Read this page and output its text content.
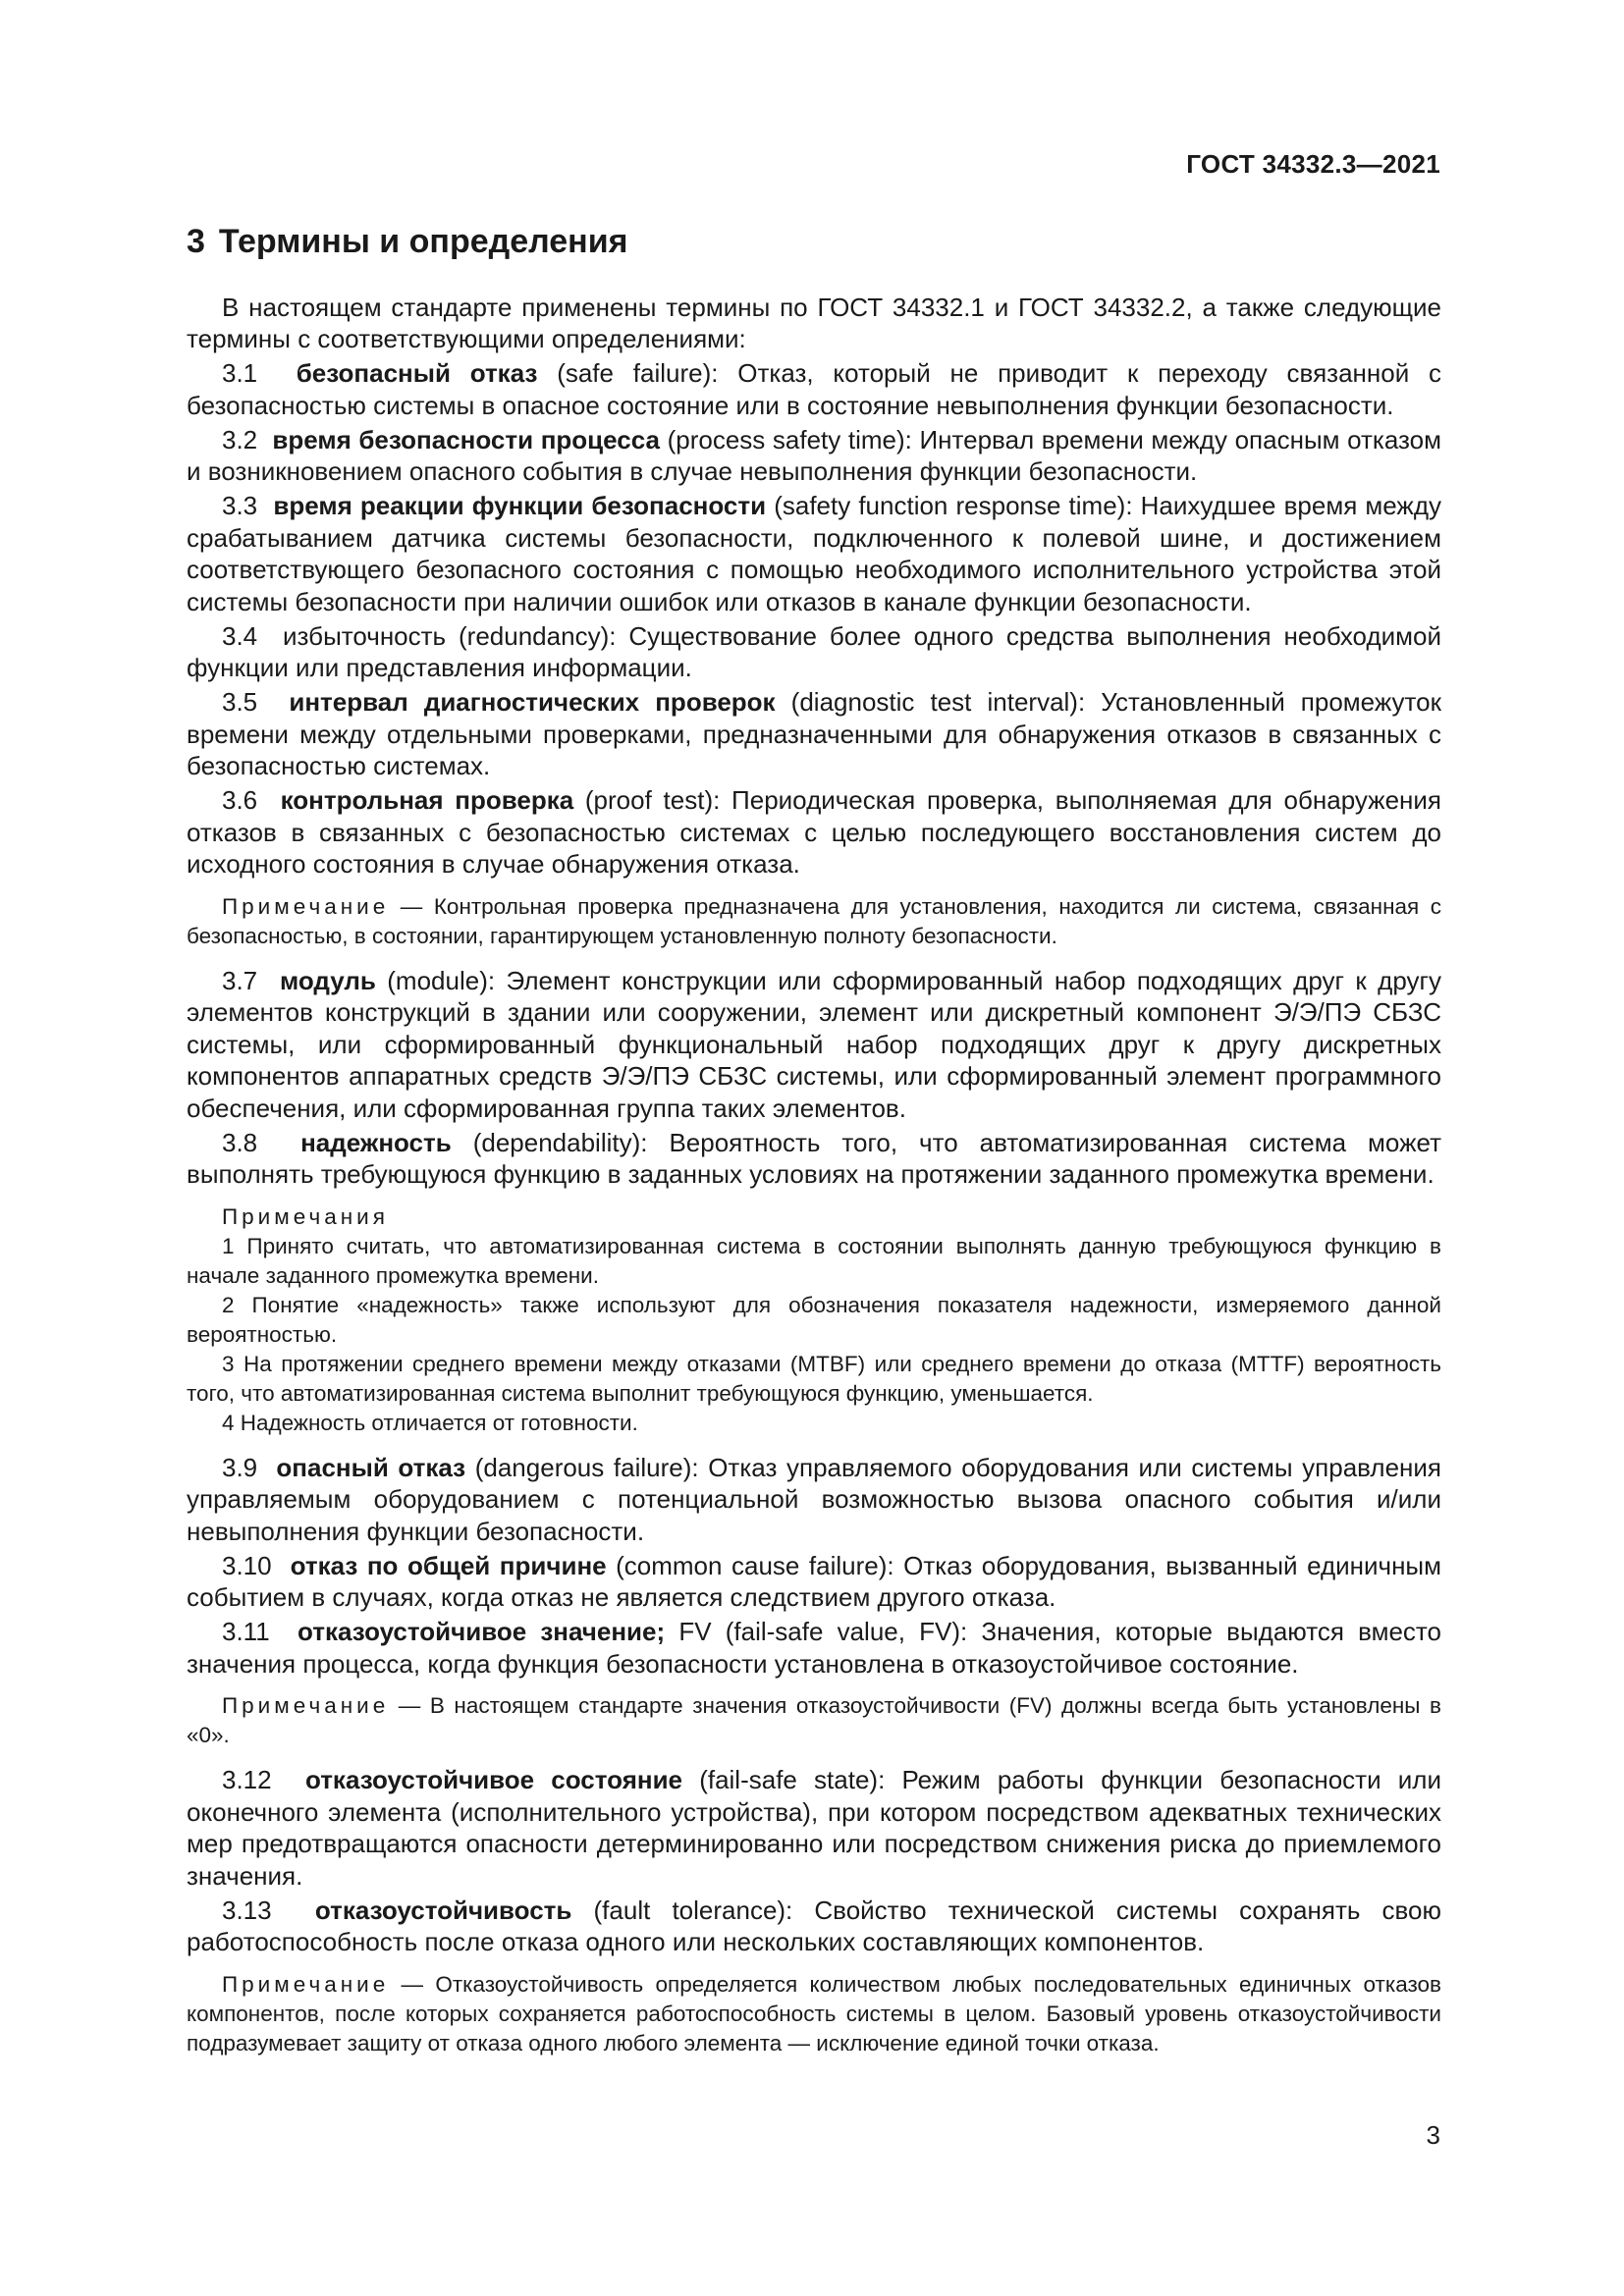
ГОСТ 34332.3—2021
3 Термины и определения

В настоящем стандарте применены термины по ГОСТ 34332.1 и ГОСТ 34332.2, а также следующие термины с соответствующими определениями:

3.1 безопасный отказ (safe failure): Отказ, который не приводит к переходу связанной с безопасностью системы в опасное состояние или в состояние невыполнения функции безопасности.

3.2 время безопасности процесса (process safety time): Интервал времени между опасным отказом и возникновением опасного события в случае невыполнения функции безопасности.

3.3 время реакции функции безопасности (safety function response time): Наихудшее время между срабатыванием датчика системы безопасности, подключенного к полевой шине, и достижением соответствующего безопасного состояния с помощью необходимого исполнительного устройства этой системы безопасности при наличии ошибок или отказов в канале функции безопасности.

3.4 избыточность (redundancy): Существование более одного средства выполнения необходимой функции или представления информации.

3.5 интервал диагностических проверок (diagnostic test interval): Установленный промежуток времени между отдельными проверками, предназначенными для обнаружения отказов в связанных с безопасностью системах.

3.6 контрольная проверка (proof test): Периодическая проверка, выполняемая для обнаружения отказов в связанных с безопасностью системах с целью последующего восстановления систем до исходного состояния в случае обнаружения отказа.

Примечание — Контрольная проверка предназначена для установления, находится ли система, связанная с безопасностью, в состоянии, гарантирующем установленную полноту безопасности.

3.7 модуль (module): Элемент конструкции или сформированный набор подходящих друг к другу элементов конструкций в здании или сооружении, элемент или дискретный компонент Э/Э/ПЭ СБЗС системы, или сформированный функциональный набор подходящих друг к другу дискретных компонентов аппаратных средств Э/Э/ПЭ СБЗС системы, или сформированный элемент программного обеспечения, или сформированная группа таких элементов.

3.8 надежность (dependability): Вероятность того, что автоматизированная система может выполнять требующуюся функцию в заданных условиях на протяжении заданного промежутка времени.

Примечания

1 Принято считать, что автоматизированная система в состоянии выполнять данную требующуюся функцию в начале заданного промежутка времени.

2 Понятие «надежность» также используют для обозначения показателя надежности, измеряемого данной вероятностью.

3 На протяжении среднего времени между отказами (MTBF) или среднего времени до отказа (MTTF) вероятность того, что автоматизированная система выполнит требующуюся функцию, уменьшается.

4 Надежность отличается от готовности.

3.9 опасный отказ (dangerous failure): Отказ управляемого оборудования или системы управления управляемым оборудованием с потенциальной возможностью вызова опасного события и/или невыполнения функции безопасности.

3.10 отказ по общей причине (common cause failure): Отказ оборудования, вызванный единичным событием в случаях, когда отказ не является следствием другого отказа.

3.11 отказоустойчивое значение; FV (fail-safe value, FV): Значения, которые выдаются вместо значения процесса, когда функция безопасности установлена в отказоустойчивое состояние.

Примечание — В настоящем стандарте значения отказоустойчивости (FV) должны всегда быть установлены в «0».

3.12 отказоустойчивое состояние (fail-safe state): Режим работы функции безопасности или оконечного элемента (исполнительного устройства), при котором посредством адекватных технических мер предотвращаются опасности детерминированно или посредством снижения риска до приемлемого значения.

3.13 отказоустойчивость (fault tolerance): Свойство технической системы сохранять свою работоспособность после отказа одного или нескольких составляющих компонентов.

Примечание — Отказоустойчивость определяется количеством любых последовательных единичных отказов компонентов, после которых сохраняется работоспособность системы в целом. Базовый уровень отказоустойчивости подразумевает защиту от отказа одного любого элемента — исключение единой точки отказа.

3
